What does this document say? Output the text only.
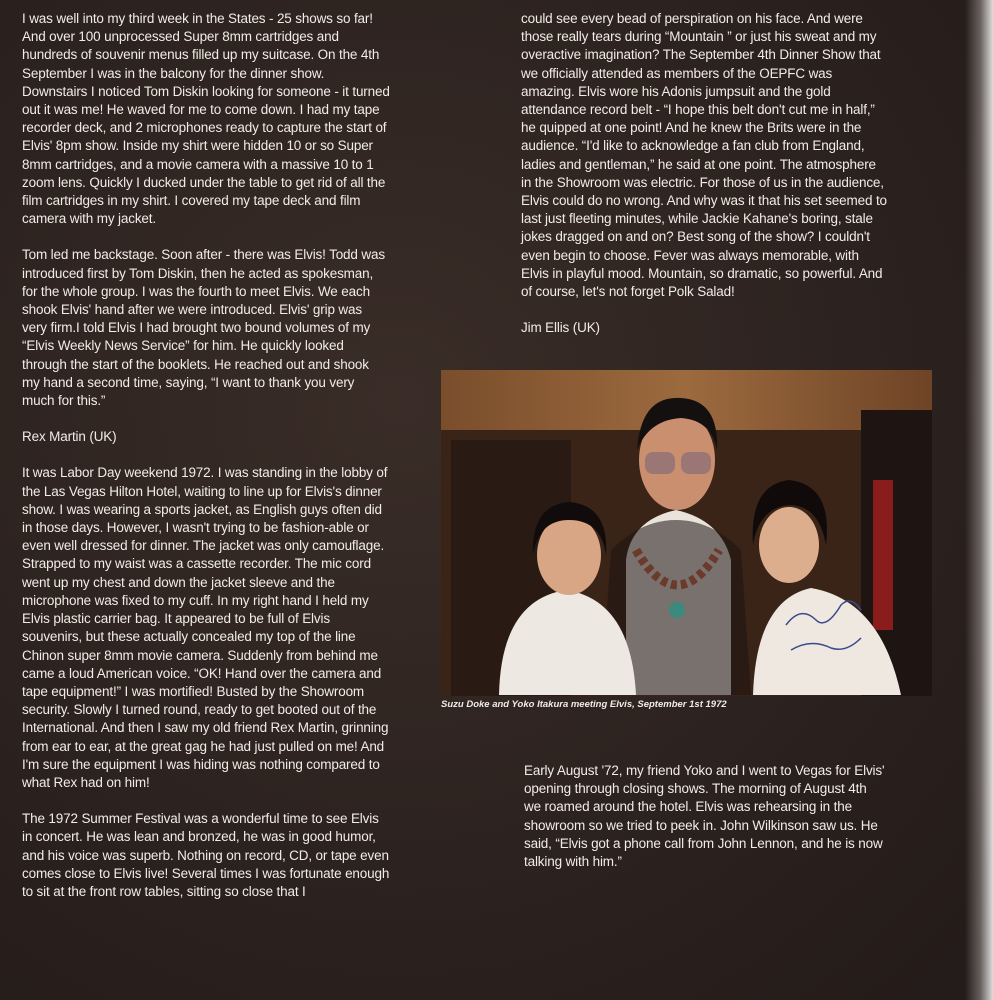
I was well into my third week in the States - 25 shows so far! And over 100 unprocessed Super 8mm cartridges and hundreds of souvenir menus filled up my suitcase. On the 4th September I was in the balcony for the dinner show. Downstairs I noticed Tom Diskin looking for someone - it turned out it was me! He waved for me to come down. I had my tape recorder deck, and 2 microphones ready to capture the start of Elvis' 8pm show. Inside my shirt were hidden 10 or so Super 8mm cartridges, and a movie camera with a massive 10 to 1 zoom lens. Quickly I ducked under the table to get rid of all the film cartridges in my shirt. I covered my tape deck and film camera with my jacket.

Tom led me backstage. Soon after - there was Elvis! Todd was introduced first by Tom Diskin, then he acted as spokesman, for the whole group. I was the fourth to meet Elvis. We each shook Elvis' hand after we were introduced. Elvis' grip was very firm.I told Elvis I had brought two bound volumes of my “Elvis Weekly News Service” for him. He quickly looked through the start of the booklets. He reached out and shook my hand a second time, saying, “I want to thank you very much for this.”

Rex Martin (UK)

It was Labor Day weekend 1972. I was standing in the lobby of the Las Vegas Hilton Hotel, waiting to line up for Elvis's dinner show. I was wearing a sports jacket, as English guys often did in those days. However, I wasn't trying to be fashion-able or even well dressed for dinner. The jacket was only camouflage. Strapped to my waist was a cassette recorder. The mic cord went up my chest and down the jacket sleeve and the microphone was fixed to my cuff. In my right hand I held my Elvis plastic carrier bag. It appeared to be full of Elvis souvenirs, but these actually concealed my top of the line Chinon super 8mm movie camera. Suddenly from behind me came a loud American voice. “OK! Hand over the camera and tape equipment!” I was mortified! Busted by the Showroom security. Slowly I turned round, ready to get booted out of the International. And then I saw my old friend Rex Martin, grinning from ear to ear, at the great gag he had just pulled on me! And I'm sure the equipment I was hiding was nothing compared to what Rex had on him!

The 1972 Summer Festival was a wonderful time to see Elvis in concert. He was lean and bronzed, he was in good humor, and his voice was superb. Nothing on record, CD, or tape even comes close to Elvis live! Several times I was fortunate enough to sit at the front row tables, sitting so close that I

could see every bead of perspiration on his face. And were those really tears during “Mountain ” or just his sweat and my overactive imagination? The September 4th Dinner Show that we officially attended as members of the OEPFC was amazing. Elvis wore his Adonis jumpsuit and the gold attendance record belt - “I hope this belt don't cut me in half,” he quipped at one point! And he knew the Brits were in the audience. “I'd like to acknowledge a fan club from England, ladies and gentleman,” he said at one point. The atmosphere in the Showroom was electric. For those of us in the audience, Elvis could do no wrong. And why was it that his set seemed to last just fleeting minutes, while Jackie Kahane's boring, stale jokes dragged on and on? Best song of the show? I couldn't even begin to choose. Fever was always memorable, with Elvis in playful mood. Mountain, so dramatic, so powerful. And of course, let's not forget Polk Salad!

Jim Ellis (UK)

Suzu Doke and Yoko Itakura meeting Elvis, September 1st 1972

Early August '72, my friend Yoko and I went to Vegas for Elvis' opening through closing shows. The morning of August 4th we roamed around the hotel. Elvis was rehearsing in the showroom so we tried to peek in. John Wilkinson saw us. He said, “Elvis got a phone call from John Lennon, and he is now talking with him.”
